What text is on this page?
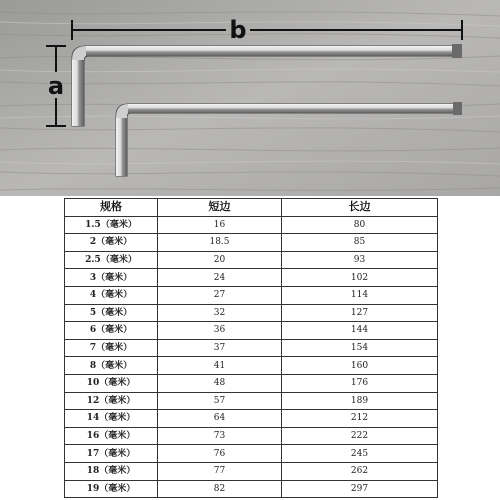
b
a
规格	短边	长边
1.5（毫米）	16	80
2（毫米）	18.5	85
2.5（毫米）	20	93
3（毫米）	24	102
4（毫米）	27	114
5（毫米）	32	127
6（毫米）	36	144
7（毫米）	37	154
8（毫米）	41	160
10（毫米）	48	176
12（毫米）	57	189
14（毫米）	64	212
16（毫米）	73	222
17（毫米）	76	245
18（毫米）	77	262
19（毫米）	82	297
